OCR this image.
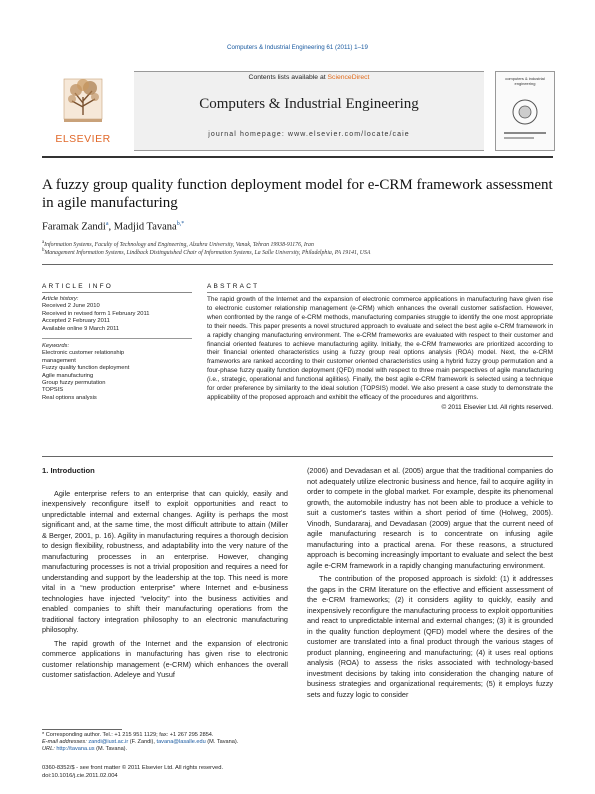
Computers & Industrial Engineering 61 (2011) 1–19
ELSEVIER
Contents lists available at ScienceDirect
Computers & Industrial Engineering
journal homepage: www.elsevier.com/locate/caie
computers & industrial engineering
A fuzzy group quality function deployment model for e-CRM framework assessment in agile manufacturing
Faramak Zandi$^a$, Madjid Tavana$^{b,*}$
$^a$Information Systems, Faculty of Technology and Engineering, Alzahra University, Vanak, Tehran 19938-91176, Iran
$^b$Management Information Systems, Lindback Distinguished Chair of Information Systems, La Salle University, Philadelphia, PA 19141, USA
ARTICLE INFO	ABSTRACT
Article history:
Received 2 June 2010
Received in revised form 1 February 2011
Accepted 2 February 2011
Available online 9 March 2011
Keywords:
Electronic customer relationship
management
Fuzzy quality function deployment
Agile manufacturing
Group fuzzy permutation
TOPSIS
Real options analysis

The rapid growth of the Internet and the expansion of electronic commerce applications in manufacturing have given rise to electronic customer relationship management (e-CRM) which enhances the overall customer satisfaction. However, when confronted by the range of e-CRM methods, manufacturing companies struggle to identify the one most appropriate to their needs. This paper presents a novel structured approach to evaluate and select the best agile e-CRM framework in a rapidly changing manufacturing environment. The e-CRM frameworks are evaluated with respect to their customer and financial oriented features to achieve manufacturing agility. Initially, the e-CRM frameworks are prioritized according to their financial oriented characteristics using a fuzzy group real options analysis (ROA) model. Next, the e-CRM frameworks are ranked according to their customer oriented characteristics using a hybrid fuzzy group permutation and a four-phase fuzzy quality function deployment (QFD) model with respect to three main perspectives of agile manufacturing (i.e., strategic, operational and functional agilities). Finally, the best agile e-CRM framework is selected using a technique for order preference by similarity to the ideal solution (TOPSIS) model. We also present a case study to demonstrate the applicability of the proposed approach and exhibit the efficacy of the procedures and algorithms.

© 2011 Elsevier Ltd. All rights reserved.
1. Introduction

Agile enterprise refers to an enterprise that can quickly, easily and inexpensively reconfigure itself to exploit opportunities and react to unpredictable internal and external changes. Agility is perhaps the most significant and, at the same time, the most difficult attribute to attain (Miller & Berger, 2001, p. 16). Agility in manufacturing requires a thorough decision to design flexibility, robustness, and adaptability into the very nature of the manufacturing processes in an enterprise. However, changing manufacturing processes is not a trivial proposition and requires a need for understanding and support by the leadership at the top. This need is more vital in a “new production enterprise” where Internet and e-business technologies have injected “velocity” into the business activities and enabled companies to shift their manufacturing operations from the traditional factory integration philosophy to an electronic manufacturing philosophy.

The rapid growth of the Internet and the expansion of electronic commerce applications in manufacturing has given rise to electronic customer relationship management (e-CRM) which enhances the overall customer satisfaction. Adeleye and Yusuf

(2006) and Devadasan et al. (2005) argue that the traditional companies do not adequately utilize electronic business and hence, fail to acquire agility in order to compete in the global market. For example, despite its phenomenal growth, the automobile industry has not been able to produce a vehicle to suit a customer's tastes within a short period of time (Holweg, 2005). Vinodh, Sundararaj, and Devadasan (2009) argue that the current need of agile manufacturing research is to concentrate on infusing agile manufacturing into a practical arena. For these reasons, a structured approach is becoming increasingly important to evaluate and select the best agile e-CRM framework in a rapidly changing manufacturing environment.

The contribution of the proposed approach is sixfold: (1) it addresses the gaps in the CRM literature on the effective and efficient assessment of the e-CRM frameworks; (2) it considers agility to quickly, easily and inexpensively reconfigure the manufacturing process to exploit opportunities and react to unpredictable internal and external changes; (3) it is grounded in the quality function deployment (QFD) model where the desires of the customer are translated into a final product through the various stages of product planning, engineering and manufacturing; (4) it uses real options analysis (ROA) to assess the risks associated with technology-based investment decisions by taking into consideration the changing nature of business strategies and organizational requirements; (5) it employs fuzzy sets and fuzzy logic to consider

* Corresponding author. Tel.: +1 215 951 1129; fax: +1 267 295 2854.
E-mail addresses: zandi@iust.ac.ir (F. Zandi), tavana@lasalle.edu (M. Tavana).
URL: http://tavana.us (M. Tavana).
0360-8352/$ - see front matter © 2011 Elsevier Ltd. All rights reserved.
doi:10.1016/j.cie.2011.02.004
